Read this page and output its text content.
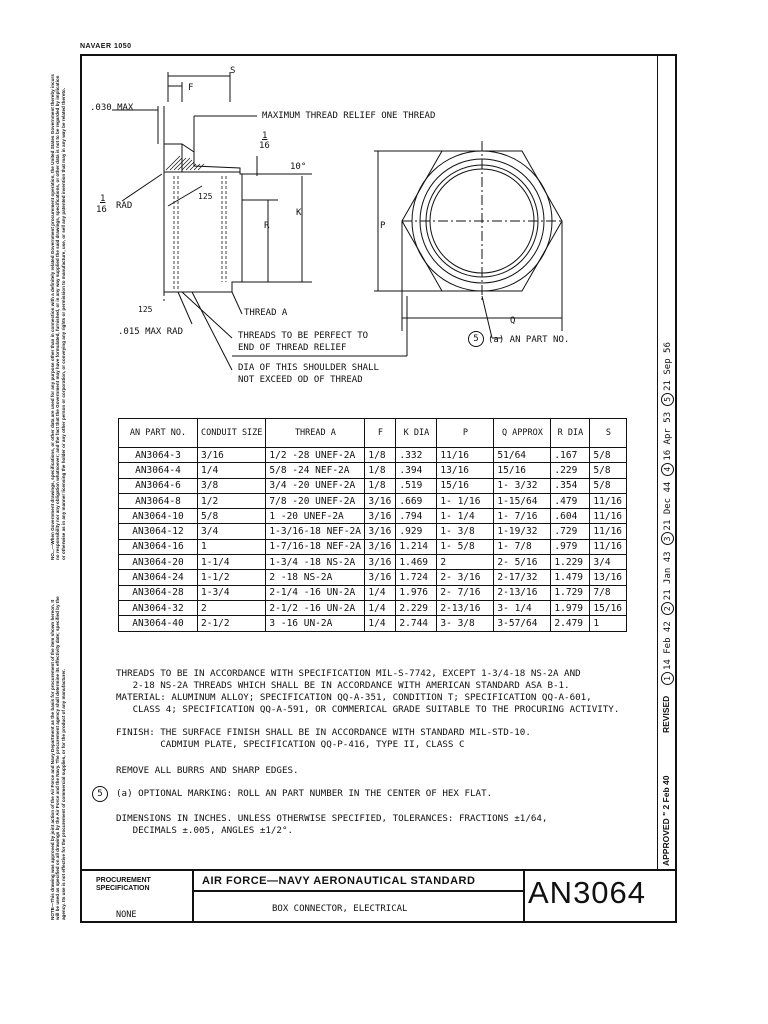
NAVAER 1050
NO...—When Government drawings, specifications, or other data are used for any purpose other than in connection with a definitely related Government procurement operation, the United States Government thereby incurs no responsibility nor any obligation whatsoever; and the fact that the Government may have formulated, furnished, or in any way supplied the said drawings, specifications, or other data is not to be regarded by implication or otherwise as in any manner licensing the holder or any other person or corporation, or conveying any rights or permission to manufacture, use, or sell any patented invention that may in any way be related thereto.
NOTE—This drawing was approved by joint action of the Air Force and Navy Department as the basis for procurement of the item shown hereon. It will be used as specified on all drawings by the Air Force and the Navy. The procurement agency shall determine its effectivity date; specified by the agency. Its use is not effective for the procurement of commercial supplies, or for the product of any manufacturer.
S
F
.030 MAX
MAXIMUM THREAD RELIEF ONE THREAD
1
16
10°
1
16 RAD
125
R
K
125
.015 MAX RAD
THREAD A
THREADS TO BE PERFECT TO
END OF THREAD RELIEF
DIA OF THIS SHOULDER SHALL
NOT EXCEED OD OF THREAD
P
Q
5	(a) AN PART NO.
AN PART NO.	CONDUIT SIZE	THREAD A	F	K DIA	P	Q APPROX	R DIA	S
AN3064-3	3/16	1/2 -28 UNEF-2A	1/8	.332	11/16	51/64	.167	5/8
AN3064-4	1/4	5/8 -24 NEF-2A	1/8	.394	13/16	15/16	.229	5/8
AN3064-6	3/8	3/4 -20 UNEF-2A	1/8	.519	15/16	1- 3/32	.354	5/8
AN3064-8	1/2	7/8 -20 UNEF-2A	3/16	.669	1- 1/16	1-15/64	.479	11/16
AN3064-10	5/8	1 -20 UNEF-2A	3/16	.794	1- 1/4	1- 7/16	.604	11/16
AN3064-12	3/4	1-3/16-18 NEF-2A	3/16	.929	1- 3/8	1-19/32	.729	11/16
AN3064-16	1	1-7/16-18 NEF-2A	3/16	1.214	1- 5/8	1- 7/8	.979	11/16
AN3064-20	1-1/4	1-3/4 -18 NS-2A	3/16	1.469	2	2- 5/16	1.229	3/4
AN3064-24	1-1/2	2 -18 NS-2A	3/16	1.724	2- 3/16	2-17/32	1.479	13/16
AN3064-28	1-3/4	2-1/4 -16 UN-2A	1/4	1.976	2- 7/16	2-13/16	1.729	7/8
AN3064-32	2	2-1/2 -16 UN-2A	1/4	2.229	2-13/16	3- 1/4	1.979	15/16
AN3064-40	2-1/2	3 -16 UN-2A	1/4	2.744	3- 3/8	3-57/64	2.479	1
THREADS TO BE IN ACCORDANCE WITH SPECIFICATION MIL-S-7742, EXCEPT 1-3/4-18 NS-2A AND
2-18 NS-2A THREADS WHICH SHALL BE IN ACCORDANCE WITH AMERICAN STANDARD ASA B-1.
MATERIAL: ALUMINUM ALLOY; SPECIFICATION QQ-A-351, CONDITION T; SPECIFICATION QQ-A-601,
CLASS 4; SPECIFICATION QQ-A-591, OR COMMERICAL GRADE SUITABLE TO THE PROCURING ACTIVITY.
FINISH: THE SURFACE FINISH SHALL BE IN ACCORDANCE WITH STANDARD MIL-STD-10.
CADMIUM PLATE, SPECIFICATION QQ-P-416, TYPE II, CLASS C
REMOVE ALL BURRS AND SHARP EDGES.
5	(a) OPTIONAL MARKING: ROLL AN PART NUMBER IN THE CENTER OF HEX FLAT.
DIMENSIONS IN INCHES. UNLESS OTHERWISE SPECIFIED, TOLERANCES: FRACTIONS ±1/64,
DECIMALS ±.005, ANGLES ±1/2°.	APPROVED " 2 Feb 40
REVISED
114 Feb 42221 Jan 43321 Dec 44416 Apr 53521 Sep 56
PROCUREMENT SPECIFICATION
NONE
AIR FORCE—NAVY AERONAUTICAL STANDARD
BOX CONNECTOR, ELECTRICAL	AN3064
